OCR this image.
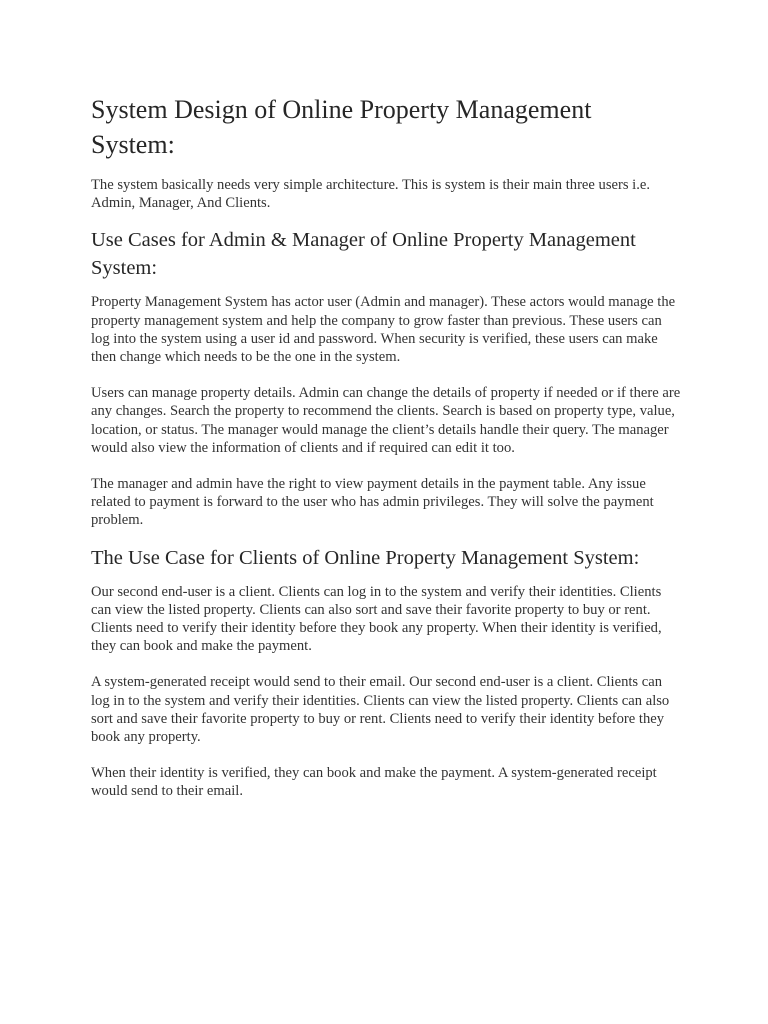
System Design of Online Property Management System:

The system basically needs very simple architecture. This is system is their main three users i.e. Admin, Manager, And Clients.

Use Cases for Admin & Manager of Online Property Management System:

Property Management System has actor user (Admin and manager). These actors would manage the property management system and help the company to grow faster than previous. These users can log into the system using a user id and password. When security is verified, these users can make then change which needs to be the one in the system.

Users can manage property details. Admin can change the details of property if needed or if there are any changes. Search the property to recommend the clients. Search is based on property type, value, location, or status. The manager would manage the client’s details handle their query. The manager would also view the information of clients and if required can edit it too.

The manager and admin have the right to view payment details in the payment table. Any issue related to payment is forward to the user who has admin privileges. They will solve the payment problem.

The Use Case for Clients of Online Property Management System:

Our second end-user is a client. Clients can log in to the system and verify their identities. Clients can view the listed property. Clients can also sort and save their favorite property to buy or rent. Clients need to verify their identity before they book any property. When their identity is verified, they can book and make the payment.

A system-generated receipt would send to their email. Our second end-user is a client. Clients can log in to the system and verify their identities. Clients can view the listed property. Clients can also sort and save their favorite property to buy or rent. Clients need to verify their identity before they book any property.

When their identity is verified, they can book and make the payment. A system-generated receipt would send to their email.
